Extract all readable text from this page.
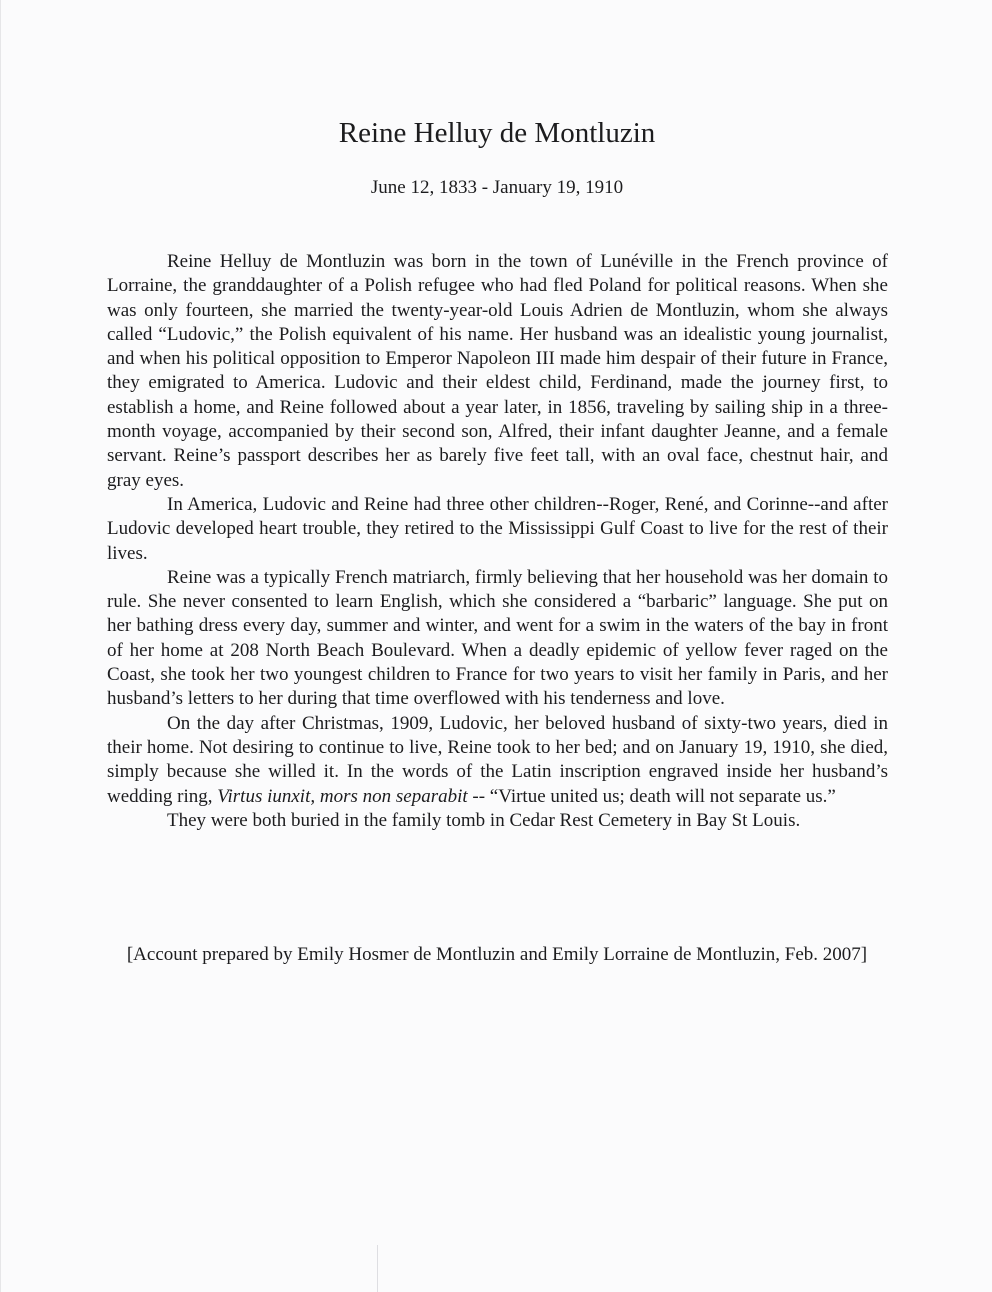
Reine Helluy de Montluzin

June 12, 1833 - January 19, 1910

Reine Helluy de Montluzin was born in the town of Lunéville in the French province of Lorraine, the granddaughter of a Polish refugee who had fled Poland for political reasons. When she was only fourteen, she married the twenty-year-old Louis Adrien de Montluzin, whom she always called “Ludovic,” the Polish equivalent of his name. Her husband was an idealistic young journalist, and when his political opposition to Emperor Napoleon III made him despair of their future in France, they emigrated to America. Ludovic and their eldest child, Ferdinand, made the journey first, to establish a home, and Reine followed about a year later, in 1856, traveling by sailing ship in a three-month voyage, accompanied by their second son, Alfred, their infant daughter Jeanne, and a female servant. Reine’s passport describes her as barely five feet tall, with an oval face, chestnut hair, and gray eyes.

In America, Ludovic and Reine had three other children--Roger, René, and Corinne--and after Ludovic developed heart trouble, they retired to the Mississippi Gulf Coast to live for the rest of their lives.

Reine was a typically French matriarch, firmly believing that her household was her domain to rule. She never consented to learn English, which she considered a “barbaric” language. She put on her bathing dress every day, summer and winter, and went for a swim in the waters of the bay in front of her home at 208 North Beach Boulevard. When a deadly epidemic of yellow fever raged on the Coast, she took her two youngest children to France for two years to visit her family in Paris, and her husband’s letters to her during that time overflowed with his tenderness and love.

On the day after Christmas, 1909, Ludovic, her beloved husband of sixty-two years, died in their home. Not desiring to continue to live, Reine took to her bed; and on January 19, 1910, she died, simply because she willed it. In the words of the Latin inscription engraved inside her husband’s wedding ring, Virtus iunxit, mors non separabit -- “Virtue united us; death will not separate us.”

They were both buried in the family tomb in Cedar Rest Cemetery in Bay St Louis.

[Account prepared by Emily Hosmer de Montluzin and Emily Lorraine de Montluzin, Feb. 2007]
